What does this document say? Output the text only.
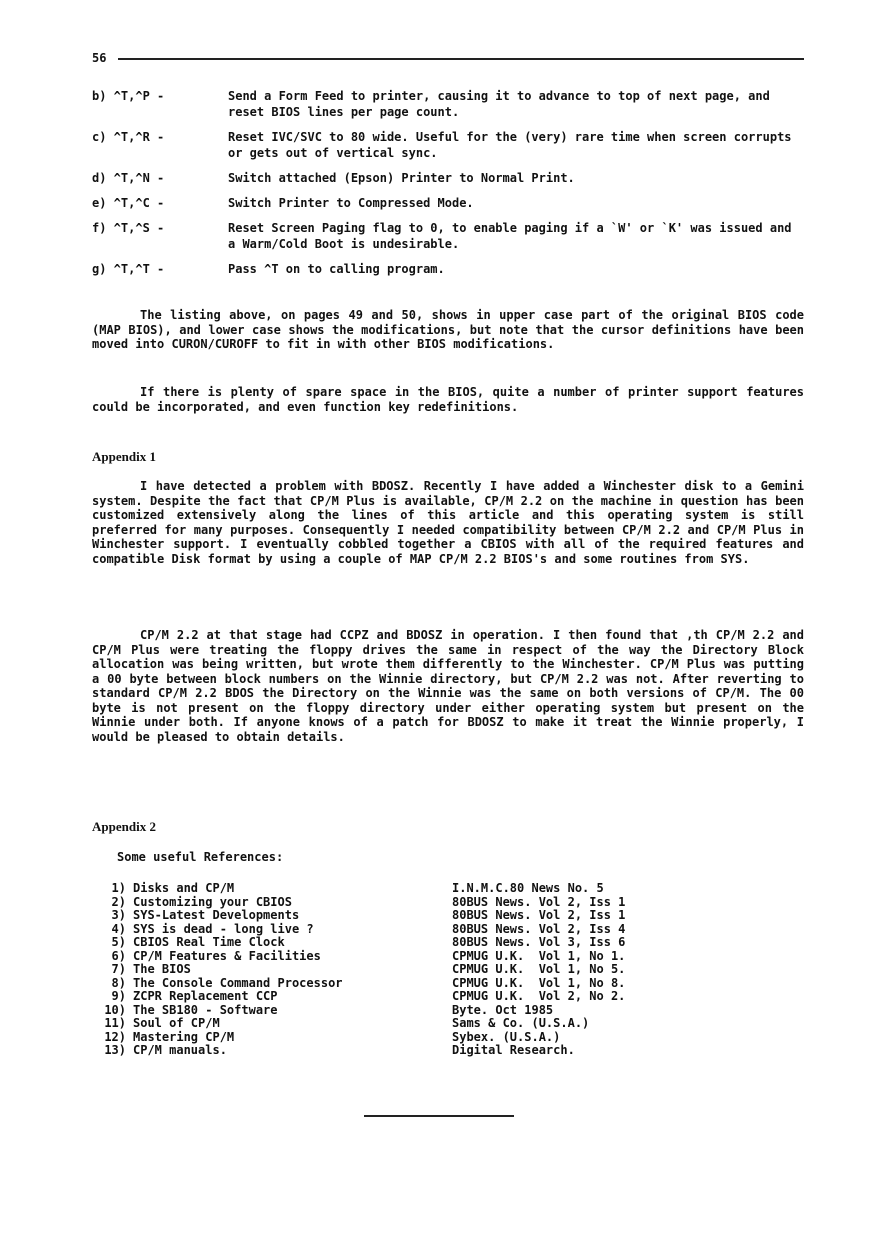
56
b) ^T,^P -	Send a Form Feed to printer, causing it to advance to top of next page, and reset BIOS lines per page count.
c) ^T,^R -	Reset IVC/SVC to 80 wide. Useful for the (very) rare time when screen corrupts or gets out of vertical sync.
d) ^T,^N -	Switch attached (Epson) Printer to Normal Print.
e) ^T,^C -	Switch Printer to Compressed Mode.
f) ^T,^S -	Reset Screen Paging flag to 0, to enable paging if a `W' or `K' was issued and a Warm/Cold Boot is undesirable.
g) ^T,^T -	Pass ^T on to calling program.

The listing above, on pages 49 and 50, shows in upper case part of the original BIOS code (MAP BIOS), and lower case shows the modifications, but note that the cursor definitions have been moved into CURON/CUROFF to fit in with other BIOS modifications.

If there is plenty of spare space in the BIOS, quite a number of printer support features could be incorporated, and even function key redefinitions.

Appendix 1

I have detected a problem with BDOSZ. Recently I have added a Winchester disk to a Gemini system. Despite the fact that CP/M Plus is available, CP/M 2.2 on the machine in question has been customized extensively along the lines of this article and this operating system is still preferred for many purposes. Consequently I needed compatibility between CP/M 2.2 and CP/M Plus in Winchester support. I eventually cobbled together a CBIOS with all of the required features and compatible Disk format by using a couple of MAP CP/M 2.2 BIOS's and some routines from SYS.

CP/M 2.2 at that stage had CCPZ and BDOSZ in operation. I then found that ,th CP/M 2.2 and CP/M Plus were treating the floppy drives the same in respect of the way the Directory Block allocation was being written, but wrote them differently to the Winchester. CP/M Plus was putting a 00 byte between block numbers on the Winnie directory, but CP/M 2.2 was not. After reverting to standard CP/M 2.2 BDOS the Directory on the Winnie was the same on both versions of CP/M. The 00 byte is not present on the floppy directory under either operating system but present on the Winnie under both. If anyone knows of a patch for BDOSZ to make it treat the Winnie properly, I would be pleased to obtain details.

Appendix 2
Some useful References:
1) Disks and CP/M	I.N.M.C.80 News No. 5
2) Customizing your CBIOS	80BUS News. Vol 2, Iss 1
3) SYS-Latest Developments	80BUS News. Vol 2, Iss 1
4) SYS is dead - long live ?	80BUS News. Vol 2, Iss 4
5) CBIOS Real Time Clock	80BUS News. Vol 3, Iss 6
6) CP/M Features & Facilities	CPMUG U.K.  Vol 1, No 1.
7) The BIOS	CPMUG U.K.  Vol 1, No 5.
8) The Console Command Processor	CPMUG U.K.  Vol 1, No 8.
9) ZCPR Replacement CCP	CPMUG U.K.  Vol 2, No 2.
10) The SB180 - Software	Byte. Oct 1985
11) Soul of CP/M	Sams & Co. (U.S.A.)
12) Mastering CP/M	Sybex. (U.S.A.)
13) CP/M manuals.	Digital Research.
